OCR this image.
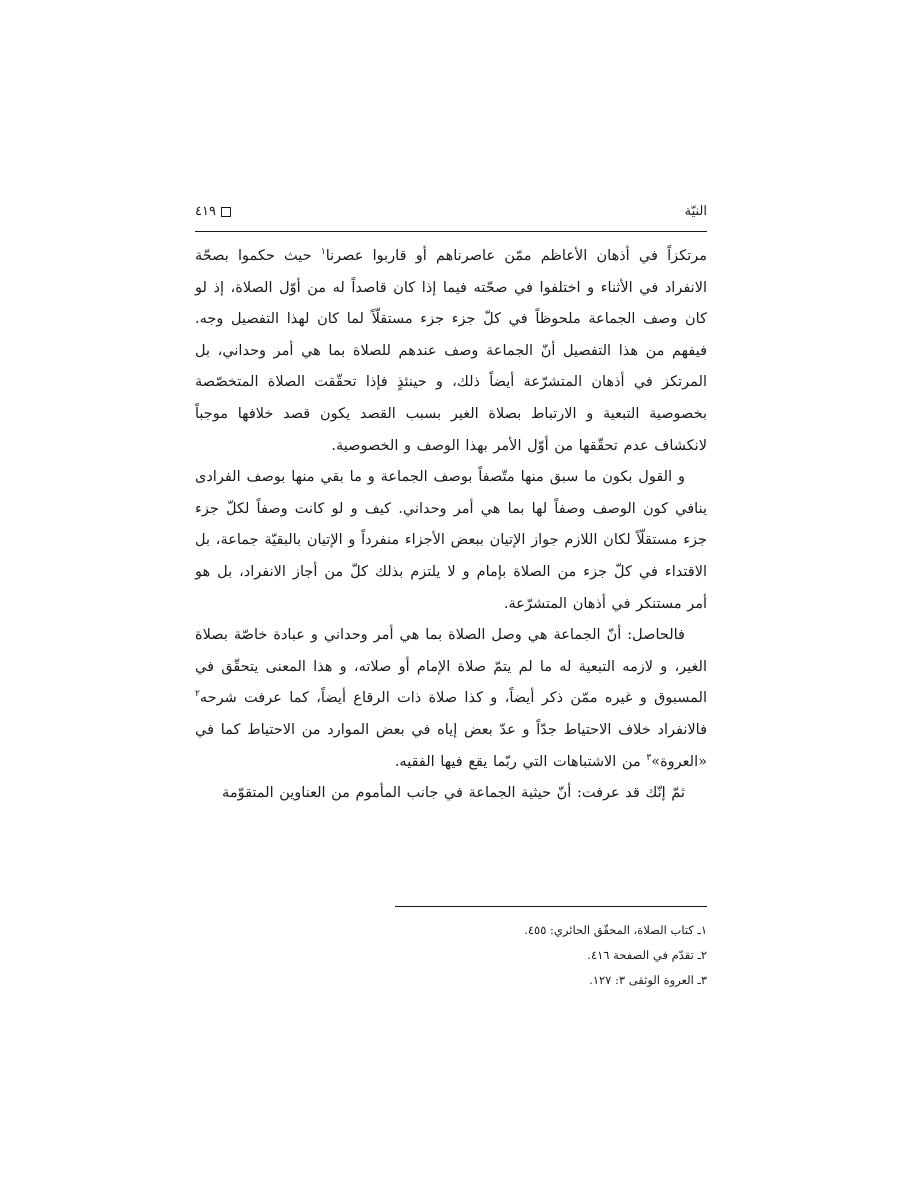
النيّة
٤١٩

مرتكزاً في أذهان الأعاظم ممّن عاصرناهم أو قاربوا عصرنا$^١$ حيث حكموا بصحّة الانفراد في الأثناء و اختلفوا في صحّته فيما إذا كان قاصداً له من أوّل الصلاة، إذ لو كان وصف الجماعة ملحوظاً في كلّ جزء جزء مستقلّاً لما كان لهذا التفصيل وجه. فيفهم من هذا التفصيل أنّ الجماعة وصف عندهم للصلاة بما هي أمر وحداني، بل المرتكز في أذهان المتشرّعة أيضاً ذلك، و حينئذٍ فإذا تحقّقت الصلاة المتخصّصة بخصوصية التبعية و الارتباط بصلاة الغير بسبب القصد يكون قصد خلافها موجباً لانكشاف عدم تحقّقها من أوّل الأمر بهذا الوصف و الخصوصية.

و القول بكون ما سبق منها متّصفاً بوصف الجماعة و ما بقي منها بوصف الفرادى ينافي كون الوصف وصفاً لها بما هي أمر وحداني. كيف و لو كانت وصفاً لكلّ جزء جزء مستقلّاً لكان اللازم جواز الإتيان ببعض الأجزاء منفرداً و الإتيان بالبقيّة جماعة، بل الاقتداء في كلّ جزء من الصلاة بإمام و لا يلتزم بذلك كلّ من أجاز الانفراد، بل هو أمر مستنكر في أذهان المتشرّعة.

فالحاصل: أنّ الجماعة هي وصل الصلاة بما هي أمر وحداني و عبادة خاصّة بصلاة الغير، و لازمه التبعية له ما لم يتمّ صلاة الإمام أو صلاته، و هذا المعنى يتحقّق في المسبوق و غيره ممّن ذكر أيضاً، و كذا صلاة ذات الرقاع أيضاً، كما عرفت شرحه$^٢$ فالانفراد خلاف الاحتياط جدّاً و عدّ بعض إياه في بعض الموارد من الاحتياط كما في «العروة»$^٣$ من الاشتباهات التي ربّما يقع فيها الفقيه.

ثمّ إنّك قد عرفت: أنّ حيثية الجماعة في جانب المأموم من العناوين المتقوّمة

١ـ كتاب الصلاة، المحقّق الحائري: ٤٥٥.

٢ـ تقدّم في الصفحة ٤١٦.

٣ـ العروة الوثقى ٣: ١٢٧.
